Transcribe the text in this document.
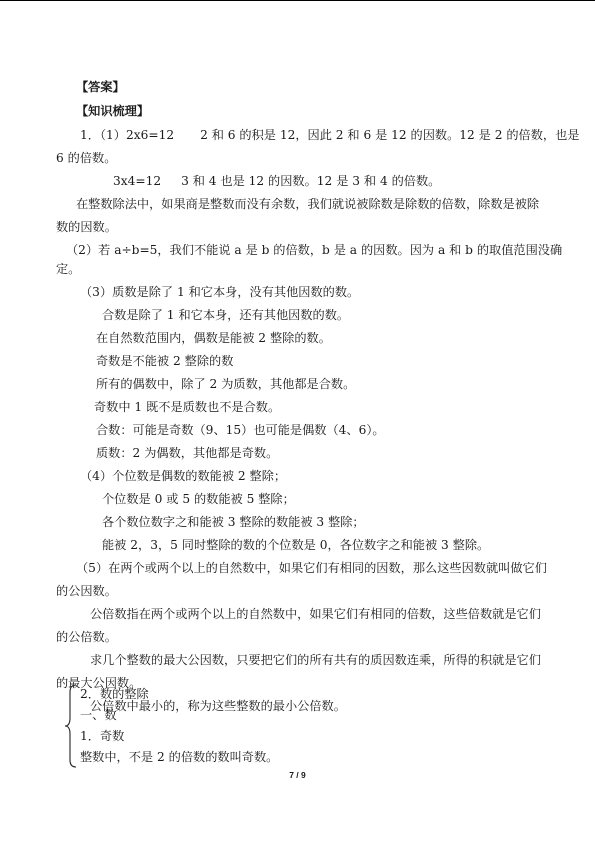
【答案】

【知识梳理】

1．（1）2x6=12 2 和 6 的积是 12，因此 2 和 6 是 12 的因数。12 是 2 的倍数，也是

6 的倍数。

3x4=12 3 和 4 也是 12 的因数。12 是 3 和 4 的倍数。

在整数除法中，如果商是整数而没有余数，我们就说被除数是除数的倍数，除数是被除

数的因数。

（2）若 a÷b=5，我们不能说 a 是 b 的倍数，b 是 a 的因数。因为 a 和 b 的取值范围没确

定。

（3）质数是除了 1 和它本身，没有其他因数的数。

合数是除了 1 和它本身，还有其他因数的数。

在自然数范围内，偶数是能被 2 整除的数。

奇数是不能被 2 整除的数

所有的偶数中，除了 2 为质数，其他都是合数。

奇数中 1 既不是质数也不是合数。

合数：可能是奇数（9、15）也可能是偶数（4、6）。

质数：2 为偶数，其他都是奇数。

（4）个位数是偶数的数能被 2 整除；

个位数是 0 或 5 的数能被 5 整除；

各个数位数字之和能被 3 整除的数能被 3 整除；

能被 2，3，5 同时整除的数的个位数是 0，各位数字之和能被 3 整除。

（5）在两个或两个以上的自然数中，如果它们有相同的因数，那么这些因数就叫做它们

的公因数。

公倍数指在两个或两个以上的自然数中，如果它们有相同的倍数，这些倍数就是它们

的公倍数。

求几个整数的最大公因数，只要把它们的所有共有的质因数连乘，所得的积就是它们

的最大公因数。

公倍数中最小的，称为这些整数的最小公倍数。

2．数的整除

一、数

1．奇数

整数中，不是 2 的倍数的数叫奇数。

7 / 9
